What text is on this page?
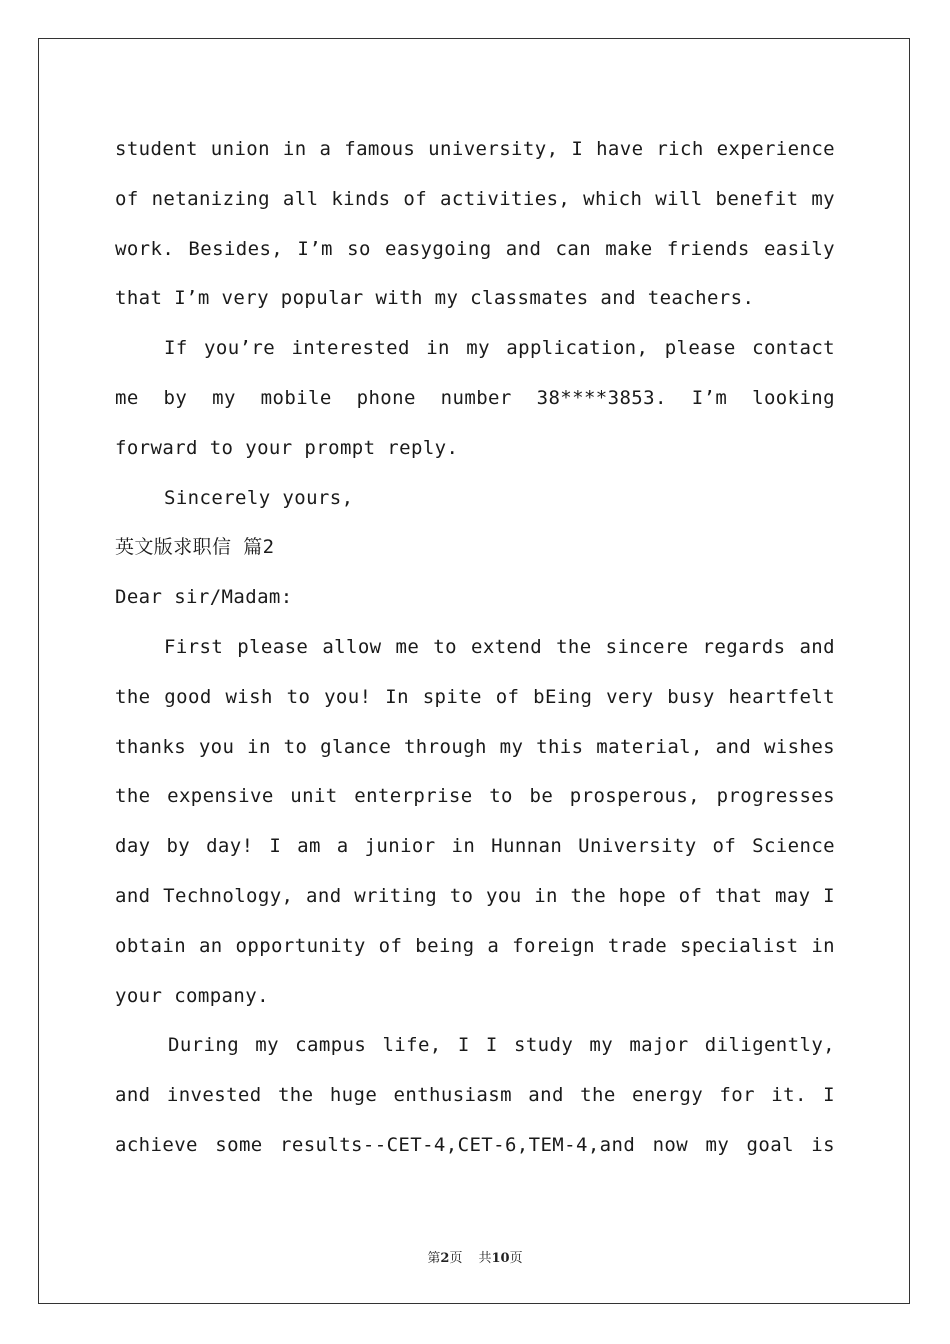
student union in a famous university, I have rich experience
of netanizing all kinds of activities, which will benefit my
work. Besides, I’m so easygoing and can make friends easily
that I’m very popular with my classmates and teachers.
If you’re interested in my application, please contact
me by my mobile phone number 38****3853. I’m looking
forward to your prompt reply.
Sincerely yours,
英文版求职信 篇2
Dear sir/Madam:
First please allow me to extend the sincere regards and
the good wish to you! In spite of bEing very busy heartfelt
thanks you in to glance through my this material, and wishes
the expensive unit enterprise to be prosperous, progresses
day by day! I am a junior in Hunnan University of Science
and Technology, and writing to you in the hope of that may I
obtain an opportunity of being a foreign trade specialist in
your company.
During my campus life, I I study my major diligently,
and invested the huge enthusiasm and the energy for it. I
achieve some results--CET-4,CET-6,TEM-4,and now my goal is
第2页 共10页
